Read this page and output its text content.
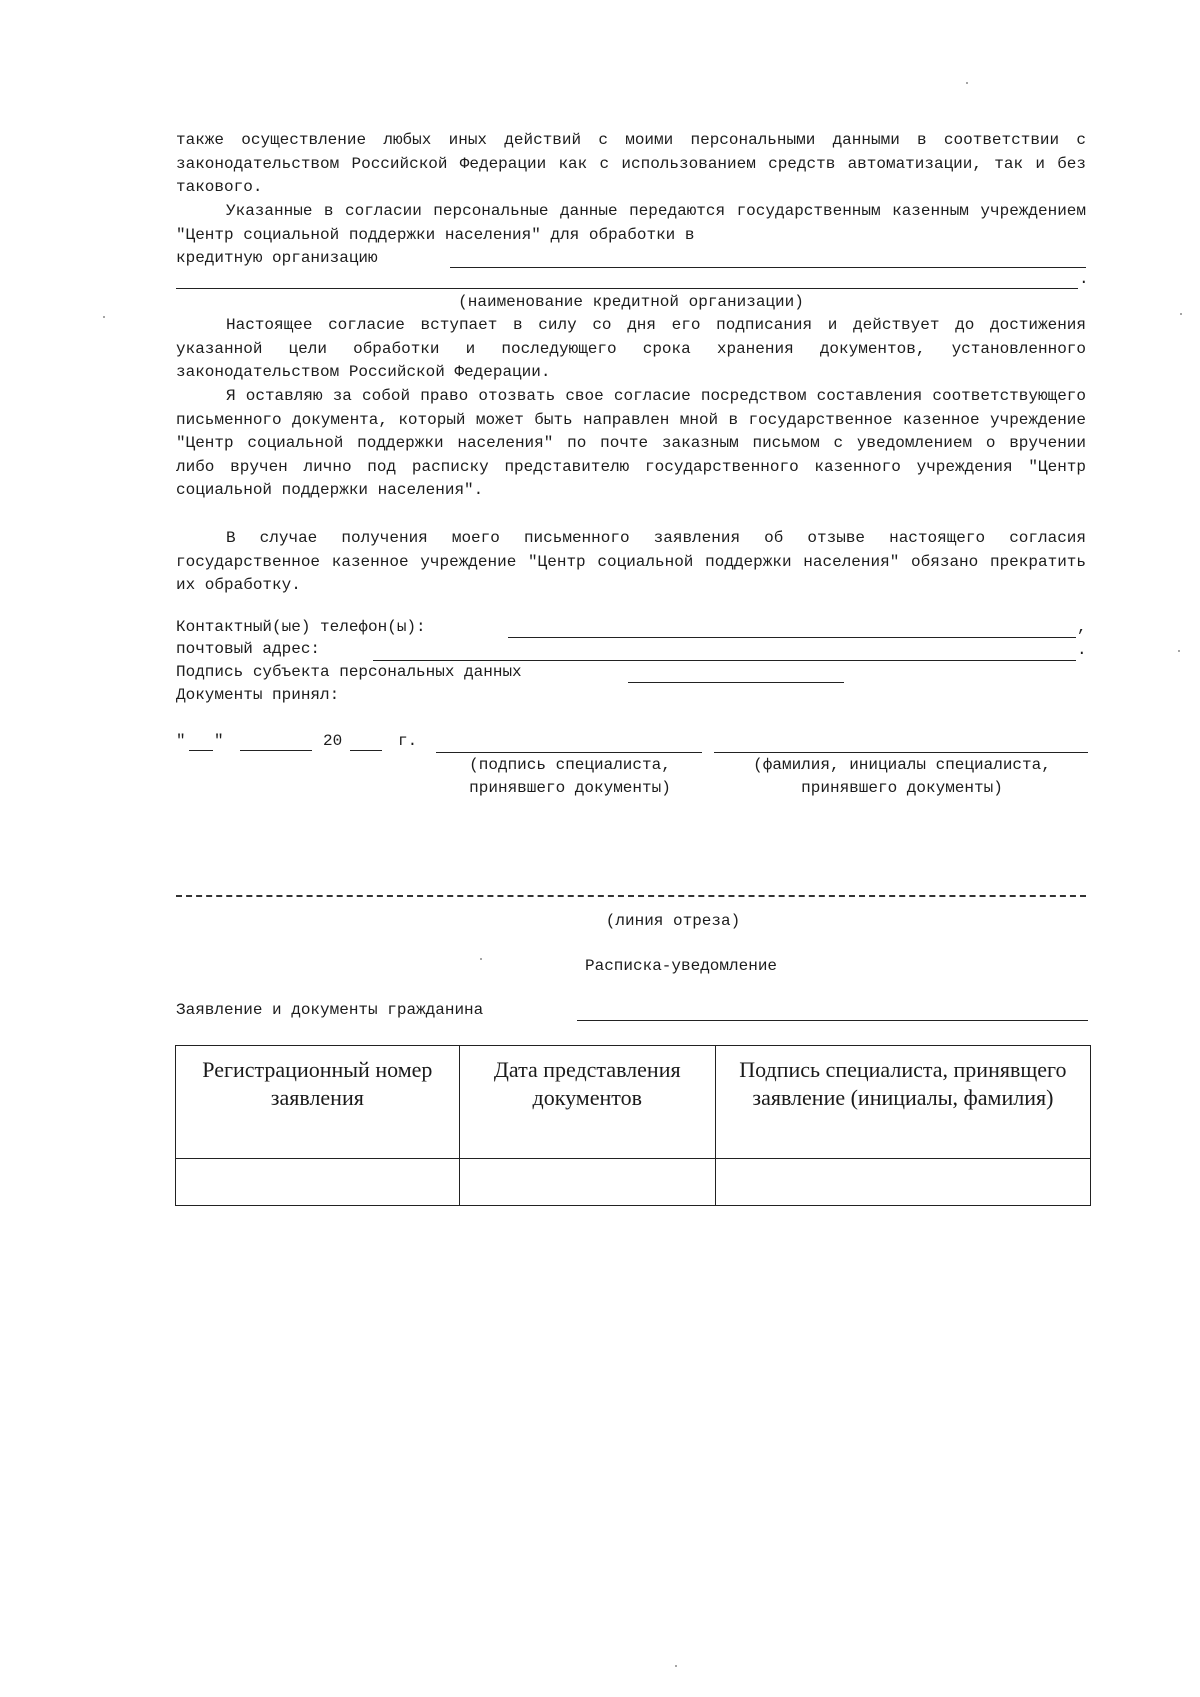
также осуществление любых иных действий с моими персональными данными в соответствии с законодательством Российской Федерации как с использованием средств автоматизации, так и без такового.

Указанные в согласии персональные данные передаются государственным казенным учреждением "Центр социальной поддержки населения" для обработки в

кредитную организацию
.
(наименование кредитной организации)

Настоящее согласие вступает в силу со дня его подписания и действует до достижения указанной цели обработки и последующего срока хранения документов, установленного законодательством Российской Федерации.

Я оставляю за собой право отозвать свое согласие посредством составления соответствующего письменного документа, который может быть направлен мной в государственное казенное учреждение "Центр социальной поддержки населения" по почте заказным письмом с уведомлением о вручении либо вручен лично под расписку представителю государственного казенного учреждения "Центр социальной поддержки населения".

В случае получения моего письменного заявления об отзыве настоящего согласия государственное казенное учреждение "Центр социальной поддержки населения" обязано прекратить их обработку.

Контактный(ые) телефон(ы):	,
почтовый адрес:	.
Подпись субъекта персональных данных
Документы принял:
" "	20	г.
(подпись специалиста,
принявшего документы)
(фамилия, инициалы специалиста,
принявшего документы)
(линия отреза)
Расписка-уведомление
Заявление и документы гражданина
Регистрационный номер заявления	Дата представления документов	Подпись специалиста, принявщего заявление (инициалы, фамилия)
